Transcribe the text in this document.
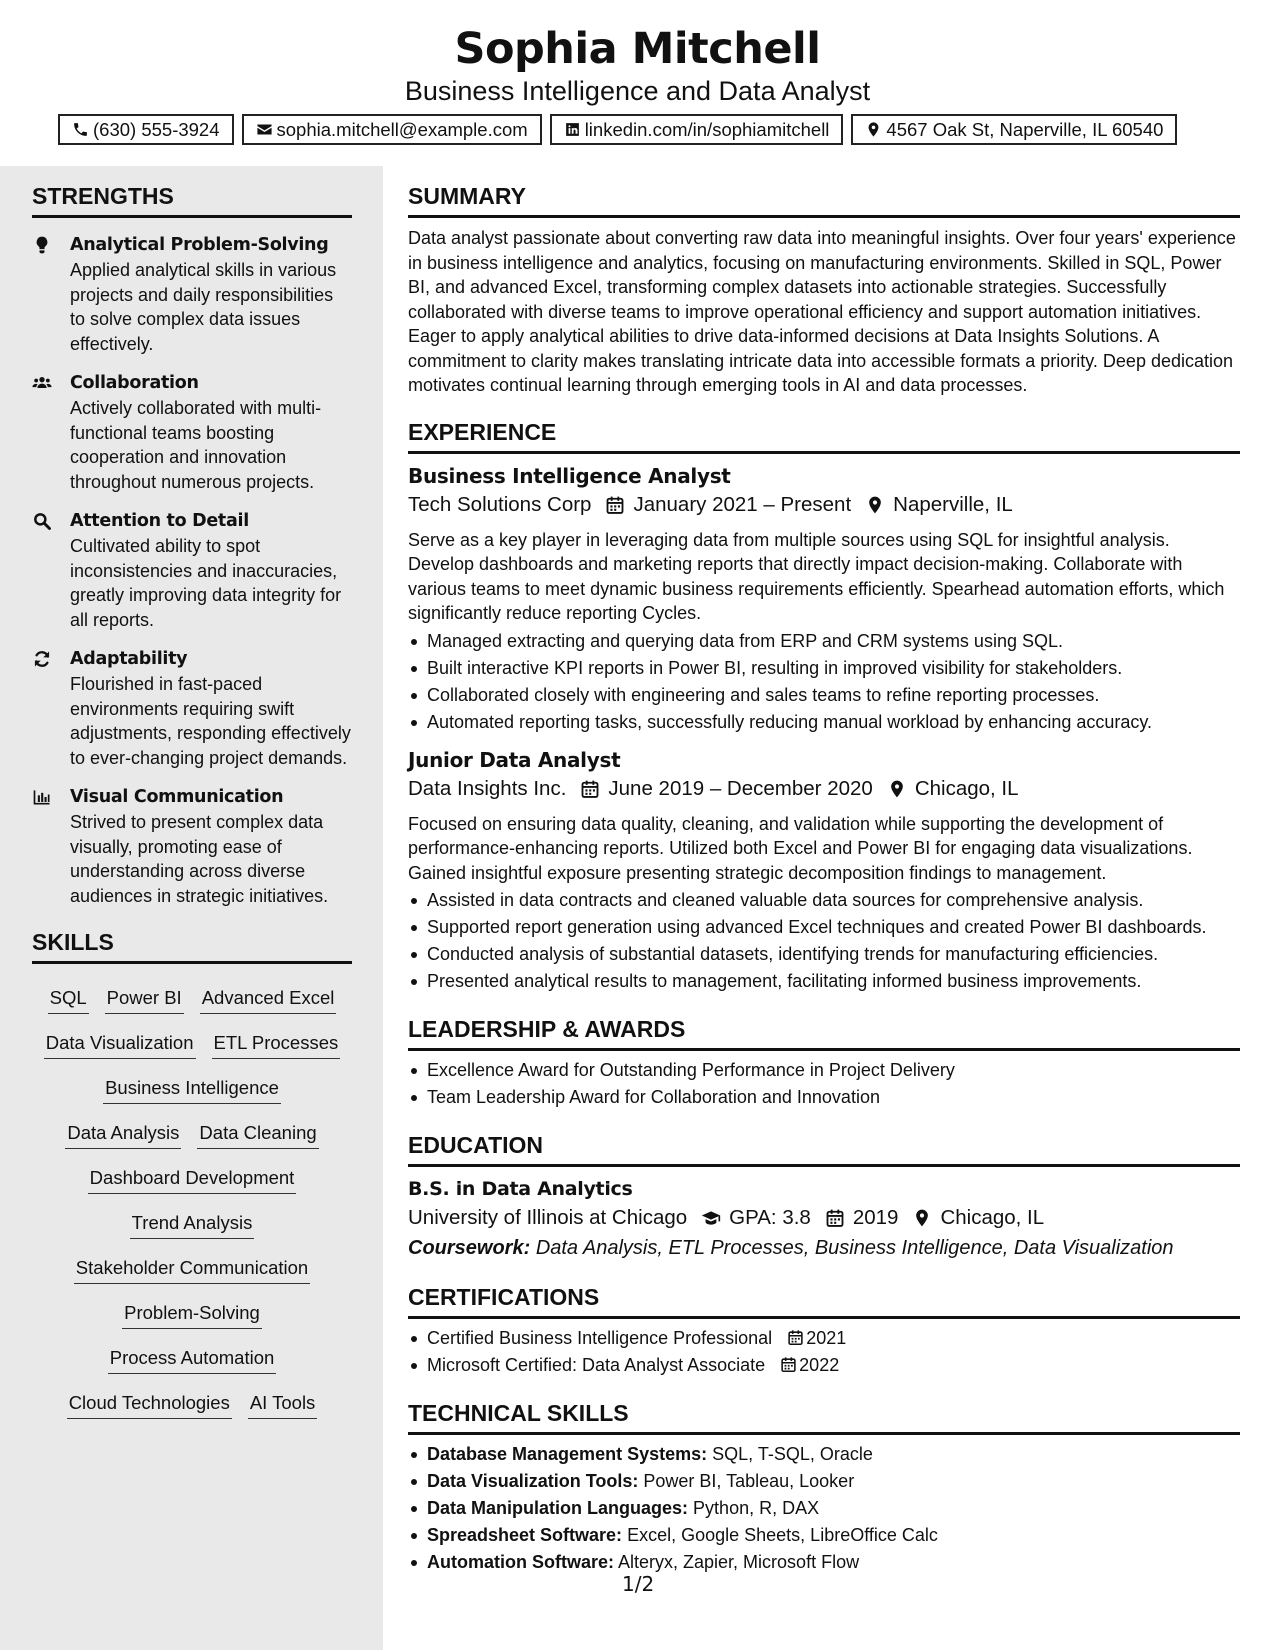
Sophia Mitchell
Business Intelligence and Data Analyst
(630) 555-3924	sophia.mitchell@example.com	linkedin.com/in/sophiamitchell	4567 Oak St, Naperville, IL 60540
STRENGTHS
Analytical Problem-Solving
Applied analytical skills in various projects and daily responsibilities to solve complex data issues effectively.
Collaboration
Actively collaborated with multi-functional teams boosting cooperation and innovation throughout numerous projects.
Attention to Detail
Cultivated ability to spot inconsistencies and inaccuracies, greatly improving data integrity for all reports.
Adaptability
Flourished in fast-paced environments requiring swift adjustments, responding effectively to ever-changing project demands.
Visual Communication
Strived to present complex data visually, promoting ease of understanding across diverse audiences in strategic initiatives.
SKILLS
SQL Power BI Advanced Excel
Data Visualization ETL Processes
Business Intelligence
Data Analysis Data Cleaning
Dashboard Development
Trend Analysis
Stakeholder Communication
Problem-Solving
Process Automation
Cloud Technologies AI Tools
SUMMARY
Data analyst passionate about converting raw data into meaningful insights. Over four years' experience in business intelligence and analytics, focusing on manufacturing environments. Skilled in SQL, Power BI, and advanced Excel, transforming complex datasets into actionable strategies. Successfully collaborated with diverse teams to improve operational efficiency and support automation initiatives. Eager to apply analytical abilities to drive data-informed decisions at Data Insights Solutions. A commitment to clarity makes translating intricate data into accessible formats a priority. Deep dedication motivates continual learning through emerging tools in AI and data processes.
EXPERIENCE
Business Intelligence Analyst
Tech Solutions Corp January 2021 – Present Naperville, IL
Serve as a key player in leveraging data from multiple sources using SQL for insightful analysis. Develop dashboards and marketing reports that directly impact decision-making. Collaborate with various teams to meet dynamic business requirements efficiently. Spearhead automation efforts, which significantly reduce reporting Cycles.
Managed extracting and querying data from ERP and CRM systems using SQL.
Built interactive KPI reports in Power BI, resulting in improved visibility for stakeholders.
Collaborated closely with engineering and sales teams to refine reporting processes.
Automated reporting tasks, successfully reducing manual workload by enhancing accuracy.
Junior Data Analyst
Data Insights Inc. June 2019 – December 2020 Chicago, IL
Focused on ensuring data quality, cleaning, and validation while supporting the development of performance-enhancing reports. Utilized both Excel and Power BI for engaging data visualizations. Gained insightful exposure presenting strategic decomposition findings to management.
Assisted in data contracts and cleaned valuable data sources for comprehensive analysis.
Supported report generation using advanced Excel techniques and created Power BI dashboards.
Conducted analysis of substantial datasets, identifying trends for manufacturing efficiencies.
Presented analytical results to management, facilitating informed business improvements.
LEADERSHIP & AWARDS
Excellence Award for Outstanding Performance in Project Delivery
Team Leadership Award for Collaboration and Innovation
EDUCATION
B.S. in Data Analytics
University of Illinois at Chicago GPA: 3.8 2019 Chicago, IL
Coursework: Data Analysis, ETL Processes, Business Intelligence, Data Visualization
CERTIFICATIONS
Certified Business Intelligence Professional 2021
Microsoft Certified: Data Analyst Associate 2022
TECHNICAL SKILLS
Database Management Systems: SQL, T-SQL, Oracle
Data Visualization Tools: Power BI, Tableau, Looker
Data Manipulation Languages: Python, R, DAX
Spreadsheet Software: Excel, Google Sheets, LibreOffice Calc
Automation Software: Alteryx, Zapier, Microsoft Flow
1/2
